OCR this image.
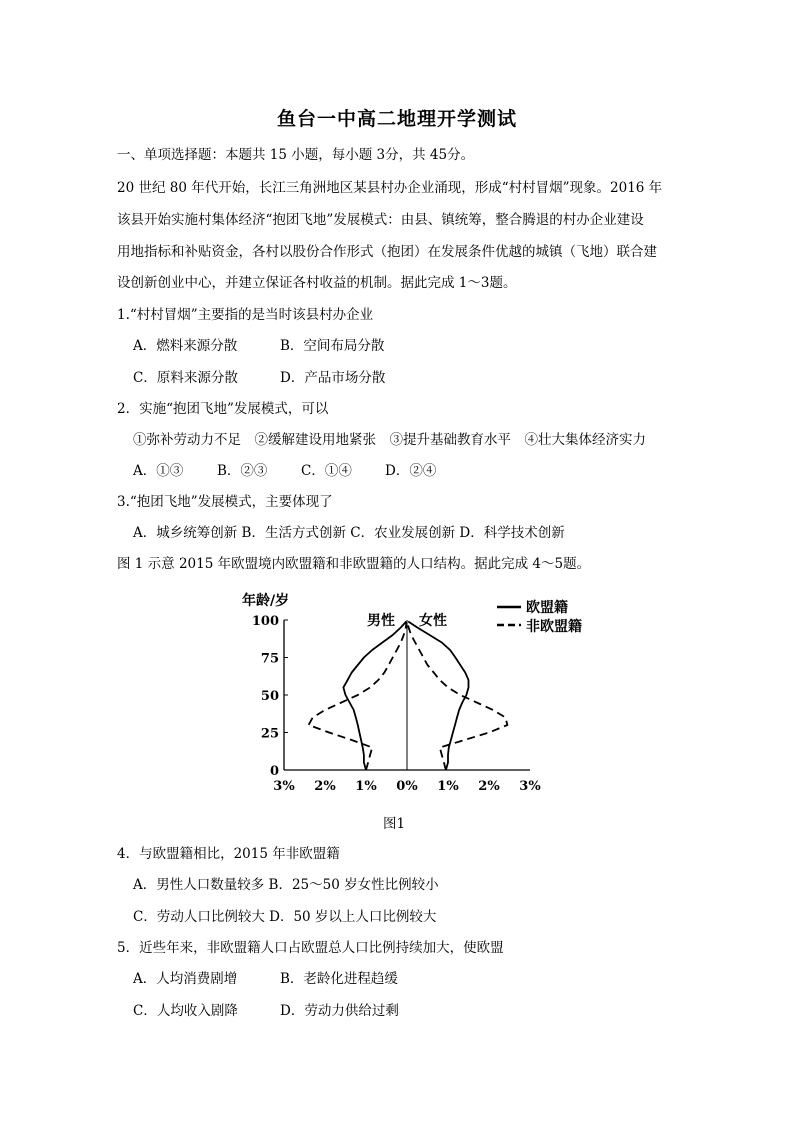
鱼台一中高二地理开学测试
一、单项选择题：本题共 15 小题，每小题 3分，共 45分。
20 世纪 80 年代开始，长江三角洲地区某县村办企业涌现，形成“村村冒烟”现象。2016 年
该县开始实施村集体经济“抱团飞地”发展模式：由县、镇统筹，整合腾退的村办企业建设
用地指标和补贴资金，各村以股份合作形式（抱团）在发展条件优越的城镇（飞地）联合建
设创新创业中心，并建立保证各村收益的机制。据此完成 1～3题。
1.“村村冒烟”主要指的是当时该县村办企业
A．燃料来源分散	B．空间布局分散
C．原料来源分散	D．产品市场分散
2．实施“抱团飞地”发展模式，可以
①弥补劳动力不足　②缓解建设用地紧张　③提升基础教育水平　④壮大集体经济实力
A．①③	B．②③ C．①④ D．②④
3.“抱团飞地”发展模式，主要体现了
A．城乡统筹创新 B．生活方式创新 C．农业发展创新 D．科学技术创新
图 1 示意 2015 年欧盟境内欧盟籍和非欧盟籍的人口结构。据此完成 4～5题。
年龄/岁
0
25
50
75
100
3% 2% 1% 0% 1% 2% 3%
男性 女性
欧盟籍
非欧盟籍
图1
4．与欧盟籍相比，2015 年非欧盟籍
A．男性人口数量较多 B．25～50 岁女性比例较小
C．劳动人口比例较大 D．50 岁以上人口比例较大
5．近些年来，非欧盟籍人口占欧盟总人口比例持续加大，使欧盟
A．人均消费剧增	B．老龄化进程趋缓
C．人均收入剧降	D．劳动力供给过剩
